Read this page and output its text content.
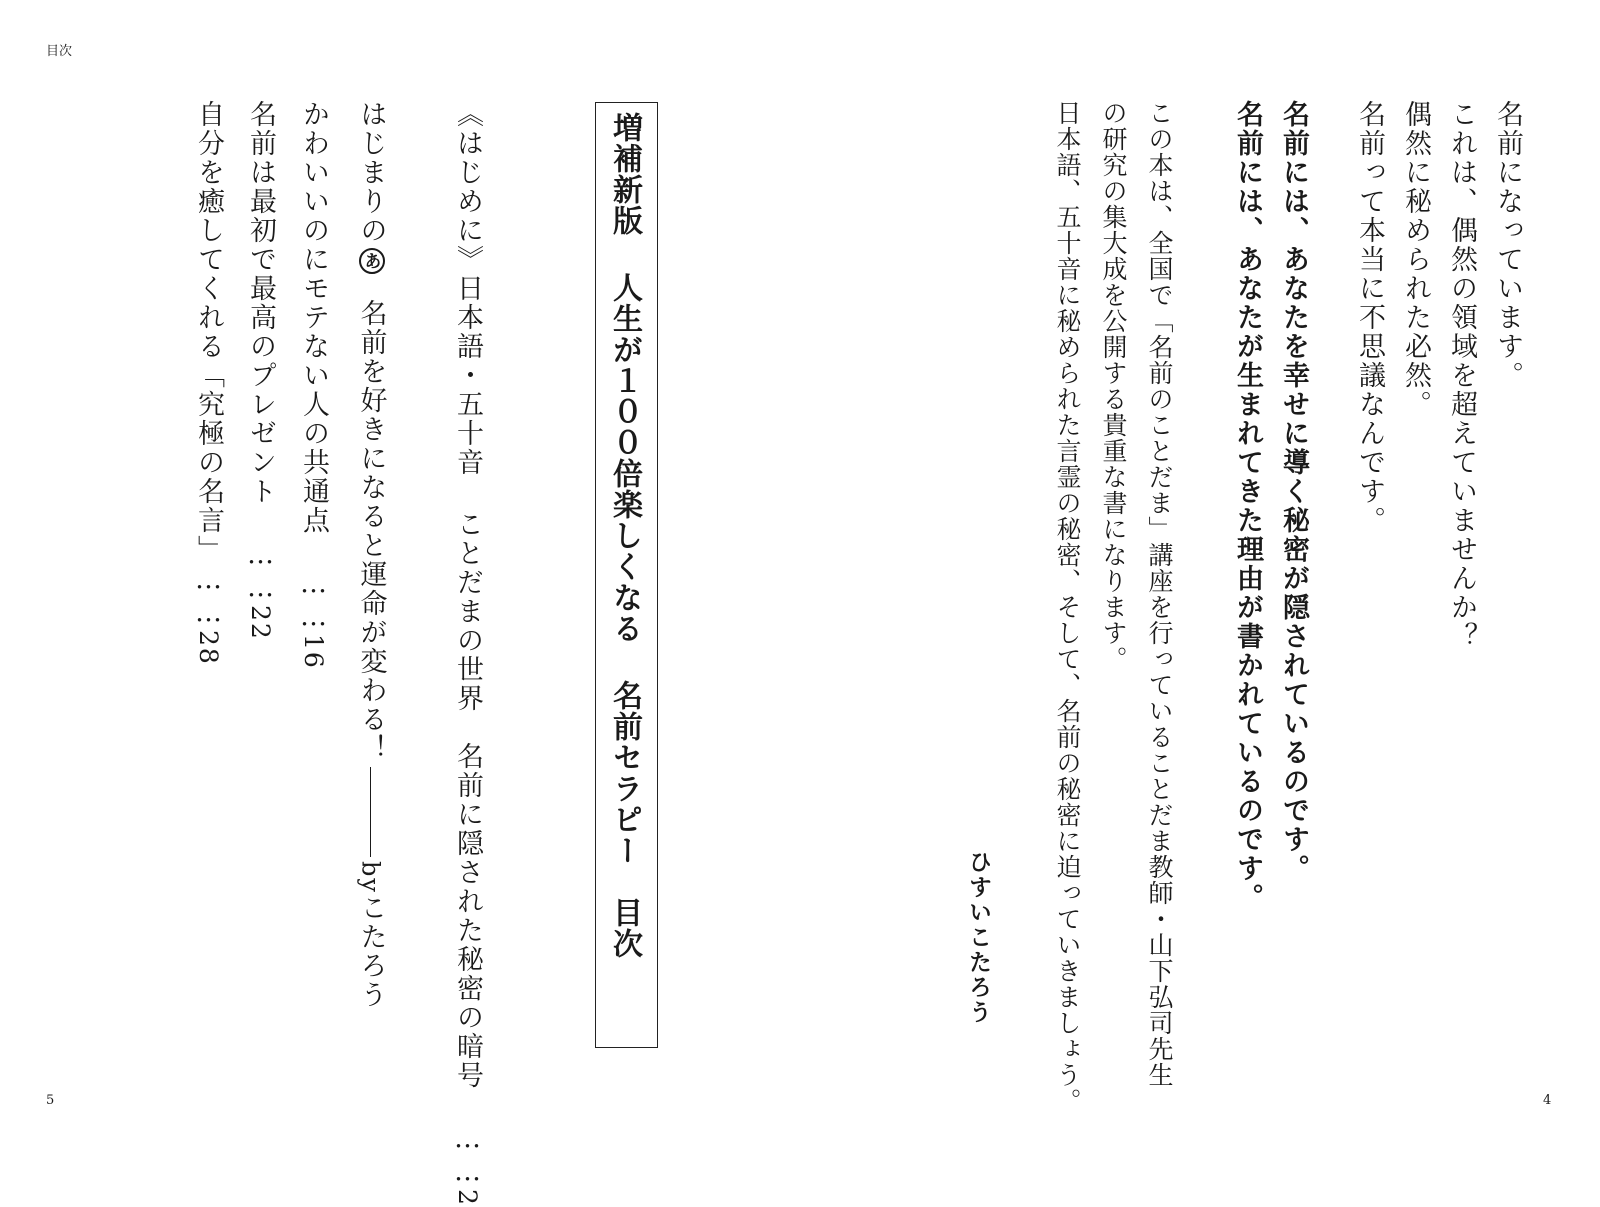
目次
名前になっています。
これは、偶然の領域を超えていませんか？
偶然に秘められた必然。
名前って本当に不思議なんです。
名前には、あなたを幸せに導く秘密が隠されているのです。
名前には、あなたが生まれてきた理由が書かれているのです。
この本は、全国で「名前のことだま」講座を行っていることだま教師・山下弘司先生
の研究の集大成を公開する貴重な書になります。
日本語、五十音に秘められた言霊の秘密、そして、名前の秘密に迫っていきましょう。
ひすいこたろう
増補新版 人生が１００倍楽しくなる 名前セラピー　目次
《はじめに》日本語・五十音 ことだまの世界　名前に隠された秘密の暗号 ……2
はじまりのあ名前を好きになると運命が変わる！byこたろう
かわいいのにモテない人の共通点 ……16
名前は最初で最高のプレゼント ……22
自分を癒してくれる「究極の名言」……28
5	4
